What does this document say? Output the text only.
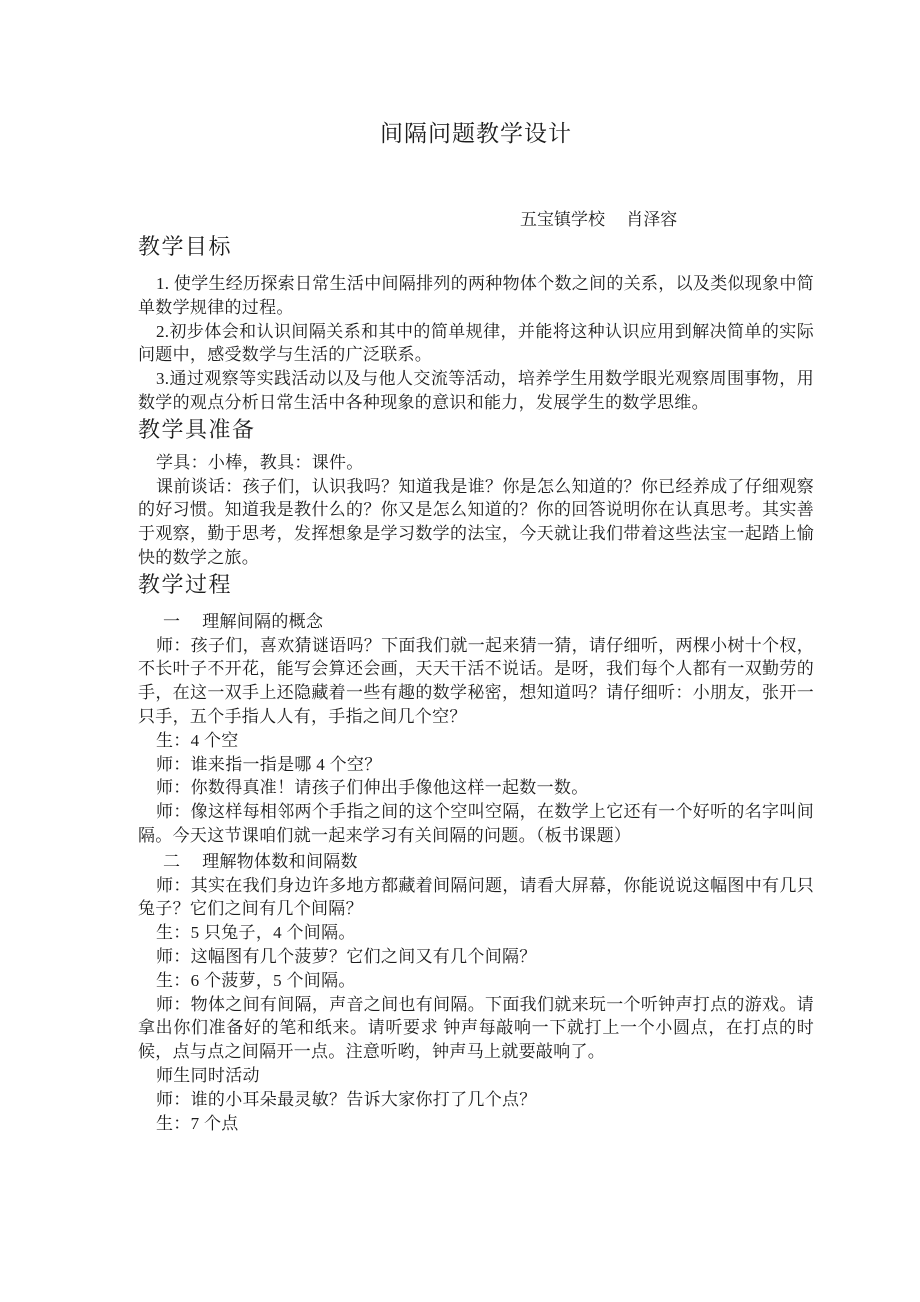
间隔问题教学设计
五宝镇学校　 肖泽容
教学目标

1. 使学生经历探索日常生活中间隔排列的两种物体个数之间的关系，以及类似现象中简单数学规律的过程。

2.初步体会和认识间隔关系和其中的简单规律，并能将这种认识应用到解决简单的实际问题中，感受数学与生活的广泛联系。

3.通过观察等实践活动以及与他人交流等活动，培养学生用数学眼光观察周围事物，用数学的观点分析日常生活中各种现象的意识和能力，发展学生的数学思维。

教学具准备

学具：小棒，教具：课件。

课前谈话：孩子们，认识我吗？知道我是谁？你是怎么知道的？你已经养成了仔细观察的好习惯。知道我是教什么的？你又是怎么知道的？你的回答说明你在认真思考。其实善于观察，勤于思考，发挥想象是学习数学的法宝，今天就让我们带着这些法宝一起踏上愉快的数学之旅。

教学过程

一　 理解间隔的概念

师：孩子们，喜欢猜谜语吗？下面我们就一起来猜一猜，请仔细听，两棵小树十个杈，不长叶子不开花，能写会算还会画，天天干活不说话。是呀，我们每个人都有一双勤劳的手，在这一双手上还隐藏着一些有趣的数学秘密，想知道吗？请仔细听：小朋友，张开一只手，五个手指人人有，手指之间几个空？

生：4 个空

师：谁来指一指是哪 4 个空？

师：你数得真准！请孩子们伸出手像他这样一起数一数。

师：像这样每相邻两个手指之间的这个空叫空隔，在数学上它还有一个好听的名字叫间隔。今天这节课咱们就一起来学习有关间隔的问题。（板书课题）

二　 理解物体数和间隔数

师：其实在我们身边许多地方都藏着间隔问题，请看大屏幕，你能说说这幅图中有几只兔子？它们之间有几个间隔？

生：5 只兔子，4 个间隔。

师：这幅图有几个菠萝？它们之间又有几个间隔？

生：6 个菠萝，5 个间隔。

师：物体之间有间隔，声音之间也有间隔。下面我们就来玩一个听钟声打点的游戏。请拿出你们准备好的笔和纸来。请听要求 钟声每敲响一下就打上一个小圆点，在打点的时候，点与点之间隔开一点。注意听哟，钟声马上就要敲响了。

师生同时活动

师：谁的小耳朵最灵敏？告诉大家你打了几个点？

生：7 个点
